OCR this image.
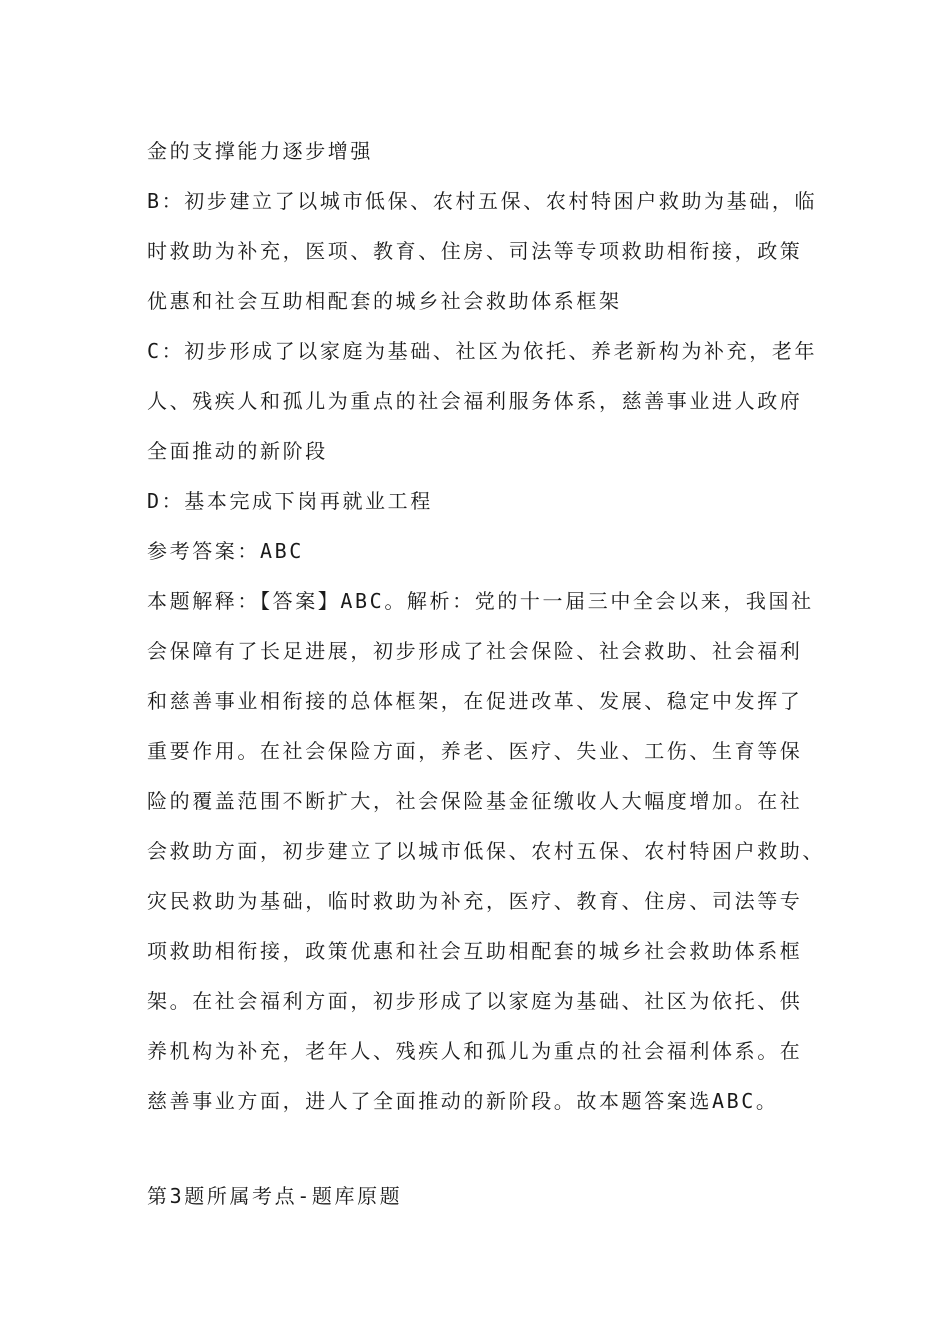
金的支撑能力逐步增强
B：初步建立了以城市低保、农村五保、农村特困户救助为基础，临
时救助为补充，医项、教育、住房、司法等专项救助相衔接，政策
优惠和社会互助相配套的城乡社会救助体系框架
C：初步形成了以家庭为基础、社区为依托、养老新构为补充，老年
人、残疾人和孤儿为重点的社会福利服务体系，慈善事业进人政府
全面推动的新阶段
D：基本完成下岗再就业工程
参考答案：ABC
本题解释：【答案】ABC。解析：党的十一届三中全会以来，我国社
会保障有了长足进展，初步形成了社会保险、社会救助、社会福利
和慈善事业相衔接的总体框架，在促进改革、发展、稳定中发挥了
重要作用。在社会保险方面，养老、医疗、失业、工伤、生育等保
险的覆盖范围不断扩大，社会保险基金征缴收人大幅度增加。在社
会救助方面，初步建立了以城市低保、农村五保、农村特困户救助、
灾民救助为基础，临时救助为补充，医疗、教育、住房、司法等专
项救助相衔接，政策优惠和社会互助相配套的城乡社会救助体系框
架。在社会福利方面，初步形成了以家庭为基础、社区为依托、供
养机构为补充，老年人、残疾人和孤儿为重点的社会福利体系。在
慈善事业方面，进人了全面推动的新阶段。故本题答案选ABC。
第3题所属考点-题库原题
